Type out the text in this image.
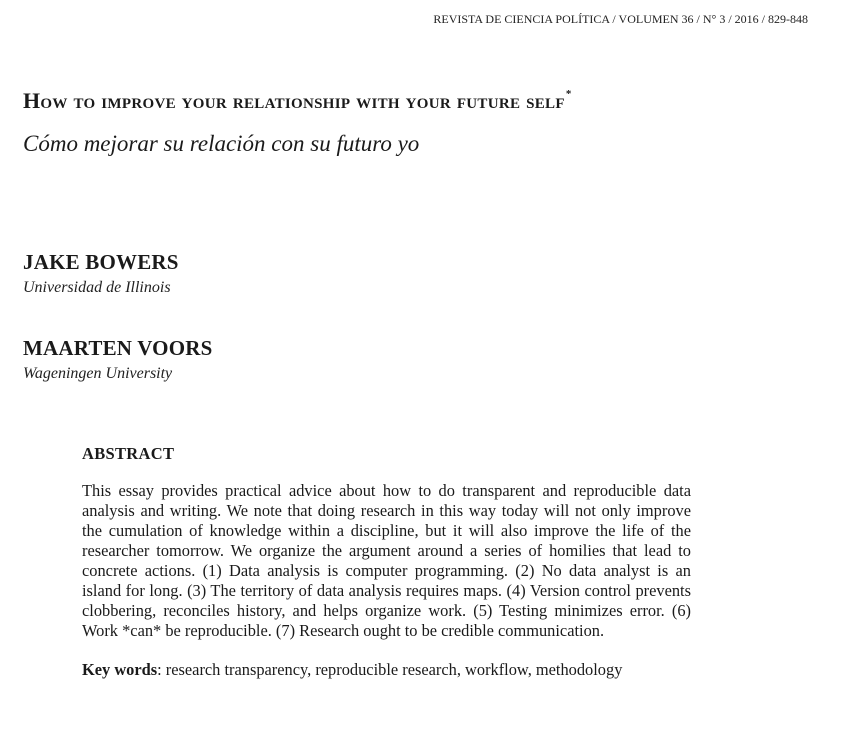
REVISTA DE CIENCIA POLÍTICA / VOLUMEN 36 / N° 3 / 2016 / 829-848
How to improve your relationship with your future self*
Cómo mejorar su relación con su futuro yo
JAKE BOWERS
Universidad de Illinois
MAARTEN VOORS
Wageningen University
ABSTRACT

This essay provides practical advice about how to do transparent and reproducible data analysis and writing. We note that doing research in this way today will not only improve the cumulation of knowledge within a discipline, but it will also improve the life of the researcher tomorrow. We organize the argument around a series of homilies that lead to concrete actions. (1) Data analysis is computer programming. (2) No data analyst is an island for long. (3) The territory of data analysis requires maps. (4) Version control prevents clobbering, reconciles history, and helps organize work. (5) Testing minimizes error. (6) Work *can* be reproducible. (7) Research ought to be credible communication.

Key words: research transparency, reproducible research, workflow, methodology
